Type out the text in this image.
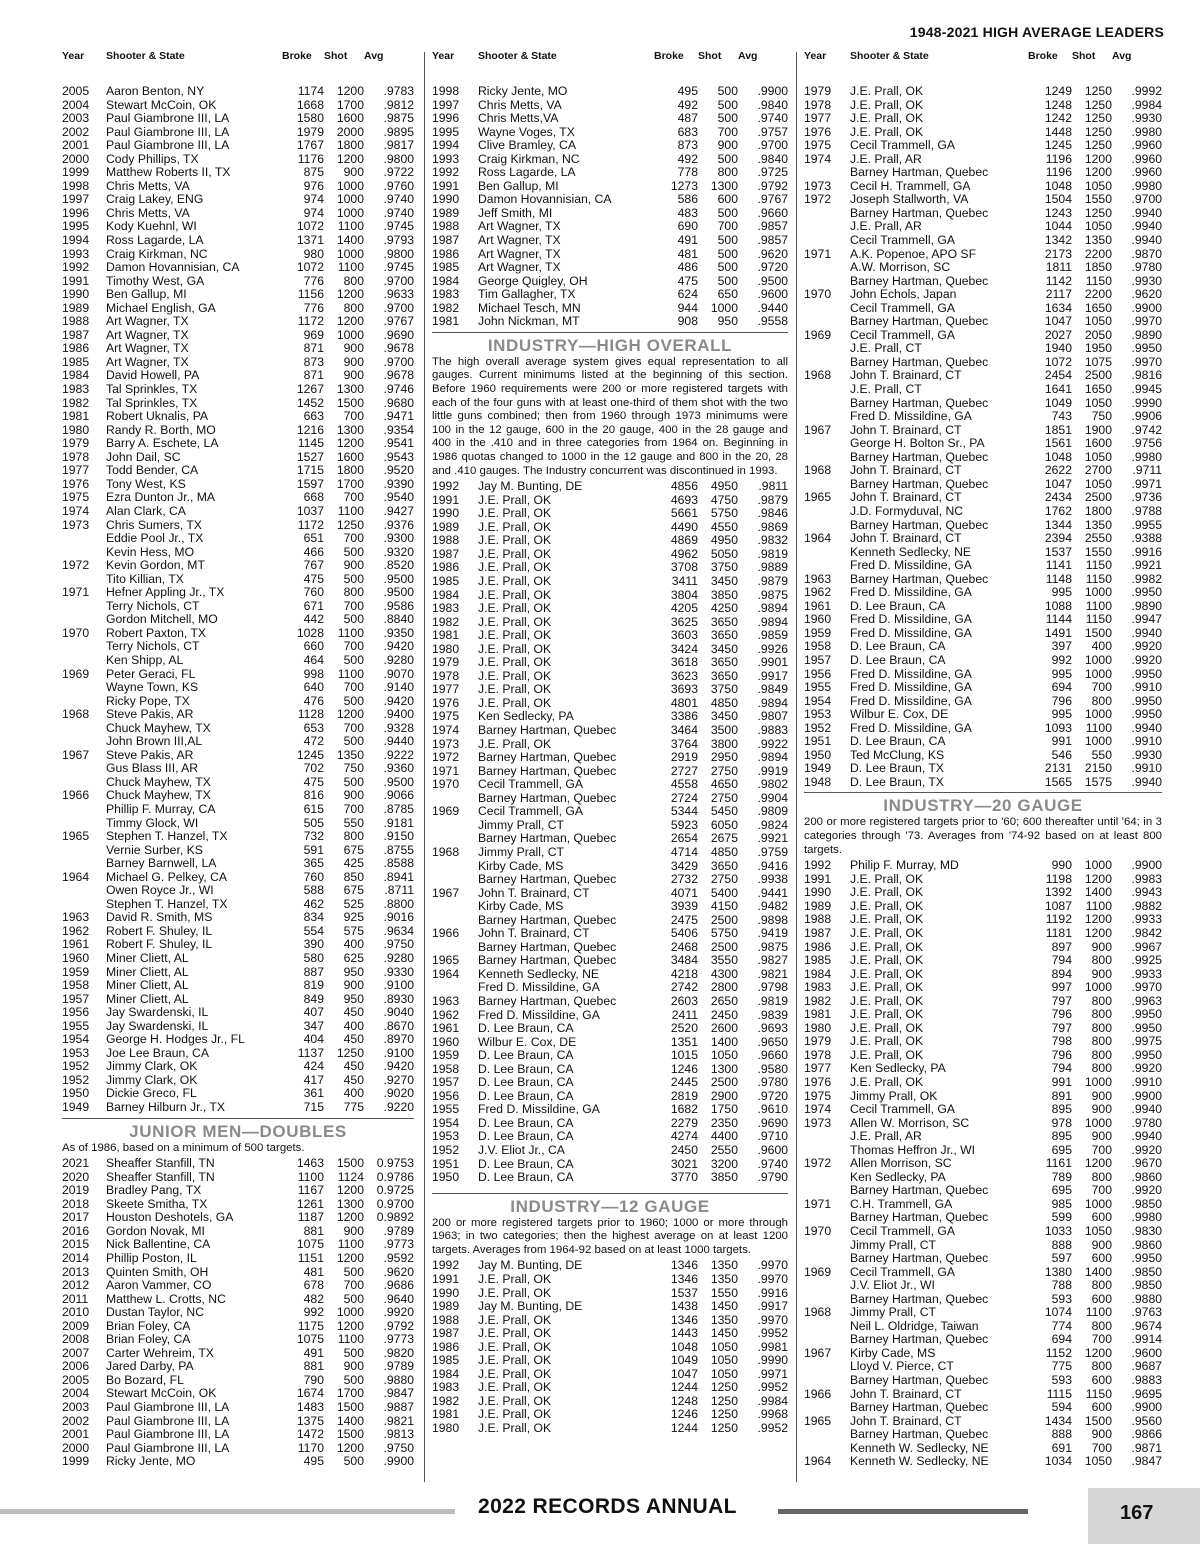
1948-2021 HIGH AVERAGE LEADERS
Year	Shooter & State	Broke	Shot	Avg
2005	Aaron Benton, NY	1174	1200	.9783
2004	Stewart McCoin, OK	1668	1700	.9812
2003	Paul Giambrone III, LA	1580	1600	.9875
2002	Paul Giambrone III, LA	1979	2000	.9895
2001	Paul Giambrone III, LA	1767	1800	.9817
2000	Cody Phillips, TX	1176	1200	.9800
1999	Matthew Roberts II, TX	875	900	.9722
1998	Chris Metts, VA	976	1000	.9760
1997	Craig Lakey, ENG	974	1000	.9740
1996	Chris Metts, VA	974	1000	.9740
1995	Kody Kuehnl, WI	1072	1100	.9745
1994	Ross Lagarde, LA	1371	1400	.9793
1993	Craig Kirkman, NC	980	1000	.9800
1992	Damon Hovannisian, CA	1072	1100	.9745
1991	Timothy West, GA	776	800	.9700
1990	Ben Gallup, MI	1156	1200	.9633
1989	Michael English, GA	776	800	.9700
1988	Art Wagner, TX	1172	1200	.9767
1987	Art Wagner, TX	969	1000	.9690
1986	Art Wagner, TX	871	900	.9678
1985	Art Wagner, TX	873	900	.9700
1984	David Howell, PA	871	900	.9678
1983	Tal Sprinkles, TX	1267	1300	.9746
1982	Tal Sprinkles, TX	1452	1500	.9680
1981	Robert Uknalis, PA	663	700	.9471
1980	Randy R. Borth, MO	1216	1300	.9354
1979	Barry A. Eschete, LA	1145	1200	.9541
1978	John Dail, SC	1527	1600	.9543
1977	Todd Bender, CA	1715	1800	.9520
1976	Tony West, KS	1597	1700	.9390
1975	Ezra Dunton Jr., MA	668	700	.9540
1974	Alan Clark, CA	1037	1100	.9427
1973	Chris Sumers, TX	1172	1250	.9376
	Eddie Pool Jr., TX	651	700	.9300
	Kevin Hess, MO	466	500	.9320
1972	Kevin Gordon, MT	767	900	.8520
	Tito Killian, TX	475	500	.9500
1971	Hefner Appling Jr., TX	760	800	.9500
	Terry Nichols, CT	671	700	.9586
	Gordon Mitchell, MO	442	500	.8840
1970	Robert Paxton, TX	1028	1100	.9350
	Terry Nichols, CT	660	700	.9420
	Ken Shipp, AL	464	500	.9280
1969	Peter Geraci, FL	998	1100	.9070
	Wayne Town, KS	640	700	.9140
	Ricky Pope, TX	476	500	.9420
1968	Steve Pakis, AR	1128	1200	.9400
	Chuck Mayhew, TX	653	700	.9328
	John Brown III,AL	472	500	.9440
1967	Steve Pakis, AR	1245	1350	.9222
	Gus Blass III, AR	702	750	.9360
	Chuck Mayhew, TX	475	500	.9500
1966	Chuck Mayhew, TX	816	900	.9066
	Phillip F. Murray, CA	615	700	.8785
	Timmy Glock, WI	505	550	.9181
1965	Stephen T. Hanzel, TX	732	800	.9150
	Vernie Surber, KS	591	675	.8755
	Barney Barnwell, LA	365	425	.8588
1964	Michael G. Pelkey, CA	760	850	.8941
	Owen Royce Jr., WI	588	675	.8711
	Stephen T. Hanzel, TX	462	525	.8800
1963	David R. Smith, MS	834	925	.9016
1962	Robert F. Shuley, IL	554	575	.9634
1961	Robert F. Shuley, IL	390	400	.9750
1960	Miner Cliett, AL	580	625	.9280
1959	Miner Cliett, AL	887	950	.9330
1958	Miner Cliett, AL	819	900	.9100
1957	Miner Cliett, AL	849	950	.8930
1956	Jay Swardenski, IL	407	450	.9040
1955	Jay Swardenski, IL	347	400	.8670
1954	George H. Hodges Jr., FL	404	450	.8970
1953	Joe Lee Braun, CA	1137	1250	.9100
1952	Jimmy Clark, OK	424	450	.9420
1952	Jimmy Clark, OK	417	450	.9270
1950	Dickie Greco, FL	361	400	.9020
1949	Barney Hilburn Jr., TX	715	775	.9220
JUNIOR MEN—DOUBLES
As of 1986, based on a minimum of 500 targets.
2021	Sheaffer Stanfill, TN	1463	1500	0.9753
2020	Sheaffer Stanfill, TN	1100	1124	0.9786
2019	Bradley Pang, TX	1167	1200	0.9725
2018	Skeete Smitha, TX	1261	1300	0.9700
2017	Houston Deshotels, GA	1187	1200	0.9892
2016	Gordon Novak, MI	881	900	.9789
2015	Nick Ballentine, CA	1075	1100	.9773
2014	Phillip Poston, IL	1151	1200	.9592
2013	Quinten Smith, OH	481	500	.9620
2012	Aaron Vammer, CO	678	700	.9686
2011	Matthew L. Crotts, NC	482	500	.9640
2010	Dustan Taylor, NC	992	1000	.9920
2009	Brian Foley, CA	1175	1200	.9792
2008	Brian Foley, CA	1075	1100	.9773
2007	Carter Wehreim, TX	491	500	.9820
2006	Jared Darby, PA	881	900	.9789
2005	Bo Bozard, FL	790	500	.9880
2004	Stewart McCoin, OK	1674	1700	.9847
2003	Paul Giambrone III, LA	1483	1500	.9887
2002	Paul Giambrone III, LA	1375	1400	.9821
2001	Paul Giambrone III, LA	1472	1500	.9813
2000	Paul Giambrone III, LA	1170	1200	.9750
1999	Ricky Jente, MO	495	500	.9900
Year	Shooter & State	Broke	Shot	Avg
1998	Ricky Jente, MO	495	500	.9900
1997	Chris Metts, VA	492	500	.9840
1996	Chris Metts,VA	487	500	.9740
1995	Wayne Voges, TX	683	700	.9757
1994	Clive Bramley, CA	873	900	.9700
1993	Craig Kirkman, NC	492	500	.9840
1992	Ross Lagarde, LA	778	800	.9725
1991	Ben Gallup, MI	1273	1300	.9792
1990	Damon Hovannisian, CA	586	600	.9767
1989	Jeff Smith, MI	483	500	.9660
1988	Art Wagner, TX	690	700	.9857
1987	Art Wagner, TX	491	500	.9857
1986	Art Wagner, TX	481	500	.9620
1985	Art Wagner, TX	486	500	.9720
1984	George Quigley, OH	475	500	.9500
1983	Tim Gallagher, TX	624	650	.9600
1982	Michael Tesch, MN	944	1000	.9440
1981	John Nickman, MT	908	950	.9558
INDUSTRY—HIGH OVERALL
The high overall average system gives equal representation to all gauges. Current minimums listed at the beginning of this section. Before 1960 requirements were 200 or more registered targets with each of the four guns with at least one-third of them shot with the two little guns combined; then from 1960 through 1973 minimums were 100 in the 12 gauge, 600 in the 20 gauge, 400 in the 28 gauge and 400 in the .410 and in three categories from 1964 on. Beginning in 1986 quotas changed to 1000 in the 12 gauge and 800 in the 20, 28 and .410 gauges. The Industry concurrent was discontinued in 1993.
1992	Jay M. Bunting, DE	4856	4950	.9811
1991	J.E. Prall, OK	4693	4750	.9879
1990	J.E. Prall, OK	5661	5750	.9846
1989	J.E. Prall, OK	4490	4550	.9869
1988	J.E. Prall, OK	4869	4950	.9832
1987	J.E. Prall, OK	4962	5050	.9819
1986	J.E. Prall, OK	3708	3750	.9889
1985	J.E. Prall, OK	3411	3450	.9879
1984	J.E. Prall, OK	3804	3850	.9875
1983	J.E. Prall, OK	4205	4250	.9894
1982	J.E. Prall, OK	3625	3650	.9894
1981	J.E. Prall, OK	3603	3650	.9859
1980	J.E. Prall, OK	3424	3450	.9926
1979	J.E. Prall, OK	3618	3650	.9901
1978	J.E. Prall, OK	3623	3650	.9917
1977	J.E. Prall, OK	3693	3750	.9849
1976	J.E. Prall, OK	4801	4850	.9894
1975	Ken Sedlecky, PA	3386	3450	.9807
1974	Barney Hartman, Quebec	3464	3500	.9883
1973	J.E. Prall, OK	3764	3800	.9922
1972	Barney Hartman, Quebec	2919	2950	.9894
1971	Barney Hartman, Quebec	2727	2750	.9919
1970	Cecil Trammell, GA	4558	4650	.9802
	Barney Hartman, Quebec	2724	2750	.9904
1969	Cecil Trammell, GA	5344	5450	.9809
	Jimmy Prall, CT	5923	6050	.9824
	Barney Hartman, Quebec	2654	2675	.9921
1968	Jimmy Prall, CT	4714	4850	.9759
	Kirby Cade, MS	3429	3650	.9416
	Barney Hartman, Quebec	2732	2750	.9938
1967	John T. Brainard, CT	4071	5400	.9441
	Kirby Cade, MS	3939	4150	.9482
	Barney Hartman, Quebec	2475	2500	.9898
1966	John T. Brainard, CT	5406	5750	.9419
	Barney Hartman, Quebec	2468	2500	.9875
1965	Barney Hartman, Quebec	3484	3550	.9827
1964	Kenneth Sedlecky, NE	4218	4300	.9821
	Fred D. Missildine, GA	2742	2800	.9798
1963	Barney Hartman, Quebec	2603	2650	.9819
1962	Fred D. Missildine, GA	2411	2450	.9839
1961	D. Lee Braun, CA	2520	2600	.9693
1960	Wilbur E. Cox, DE	1351	1400	.9650
1959	D. Lee Braun, CA	1015	1050	.9660
1958	D. Lee Braun, CA	1246	1300	.9580
1957	D. Lee Braun, CA	2445	2500	.9780
1956	D. Lee Braun, CA	2819	2900	.9720
1955	Fred D. Missildine, GA	1682	1750	.9610
1954	D. Lee Braun, CA	2279	2350	.9690
1953	D. Lee Braun, CA	4274	4400	.9710
1952	J.V. Eliot Jr., CA	2450	2550	.9600
1951	D. Lee Braun, CA	3021	3200	.9740
1950	D. Lee Braun, CA	3770	3850	.9790
INDUSTRY—12 GAUGE
200 or more registered targets prior to 1960; 1000 or more through 1963; in two categories; then the highest average on at least 1200 targets. Averages from 1964-92 based on at least 1000 targets.
1992	Jay M. Bunting, DE	1346	1350	.9970
1991	J.E. Prall, OK	1346	1350	.9970
1990	J.E. Prall, OK	1537	1550	.9916
1989	Jay M. Bunting, DE	1438	1450	.9917
1988	J.E. Prall, OK	1346	1350	.9970
1987	J.E. Prall, OK	1443	1450	.9952
1986	J.E. Prall, OK	1048	1050	.9981
1985	J.E. Prall, OK	1049	1050	.9990
1984	J.E. Prall, OK	1047	1050	.9971
1983	J.E. Prall, OK	1244	1250	.9952
1982	J.E. Prall, OK	1248	1250	.9984
1981	J.E. Prall, OK	1246	1250	.9968
1980	J.E. Prall, OK	1244	1250	.9952
Year	Shooter & State	Broke	Shot	Avg
1979	J.E. Prall, OK	1249	1250	.9992
1978	J.E. Prall, OK	1248	1250	.9984
1977	J.E. Prall, OK	1242	1250	.9930
1976	J.E. Prall, OK	1448	1250	.9980
1975	Cecil Trammell, GA	1245	1250	.9960
1974	J.E. Prall, AR	1196	1200	.9960
	Barney Hartman, Quebec	1196	1200	.9960
1973	Cecil H. Trammell, GA	1048	1050	.9980
1972	Joseph Stallworth, VA	1504	1550	.9700
	Barney Hartman, Quebec	1243	1250	.9940
	J.E. Prall, AR	1044	1050	.9940
	Cecil Trammell, GA	1342	1350	.9940
1971	A.K. Popenoe, APO SF	2173	2200	.9870
	A.W. Morrison, SC	1811	1850	.9780
	Barney Hartman, Quebec	1142	1150	.9930
1970	John Echols, Japan	2117	2200	.9620
	Cecil Trammell, GA	1634	1650	.9900
	Barney Hartman, Quebec	1047	1050	.9970
1969	Cecil Trammell, GA	2027	2050	.9890
	J.E. Prall, CT	1940	1950	.9950
	Barney Hartman, Quebec	1072	1075	.9970
1968	John T. Brainard, CT	2454	2500	.9816
	J.E. Prall, CT	1641	1650	.9945
	Barney Hartman, Quebec	1049	1050	.9990
	Fred D. Missildine, GA	743	750	.9906
1967	John T. Brainard, CT	1851	1900	.9742
	George H. Bolton Sr., PA	1561	1600	.9756
	Barney Hartman, Quebec	1048	1050	.9980
1968	John T. Brainard, CT	2622	2700	.9711
	Barney Hartman, Quebec	1047	1050	.9971
1965	John T. Brainard, CT	2434	2500	.9736
	J.D. Formyduval, NC	1762	1800	.9788
	Barney Hartman, Quebec	1344	1350	.9955
1964	John T. Brainard, CT	2394	2550	.9388
	Kenneth Sedlecky, NE	1537	1550	.9916
	Fred D. Missildine, GA	1141	1150	.9921
1963	Barney Hartman, Quebec	1148	1150	.9982
1962	Fred D. Missildine, GA	995	1000	.9950
1961	D. Lee Braun, CA	1088	1100	.9890
1960	Fred D. Missildine, GA	1144	1150	.9947
1959	Fred D. Missildine, GA	1491	1500	.9940
1958	D. Lee Braun, CA	397	400	.9920
1957	D. Lee Braun, CA	992	1000	.9920
1956	Fred D. Missildine, GA	995	1000	.9950
1955	Fred D. Missildine, GA	694	700	.9910
1954	Fred D. Missildine, GA	796	800	.9950
1953	Wilbur E. Cox, DE	995	1000	.9950
1952	Fred D. Missildine, GA	1093	1100	.9940
1951	D. Lee Braun, CA	991	1000	.9910
1950	Ted McClung, KS	546	550	.9930
1949	D. Lee Braun, TX	2131	2150	.9910
1948	D. Lee Braun, TX	1565	1575	.9940
INDUSTRY—20 GAUGE
200 or more registered targets prior to '60; 600 thereafter until '64; in 3 categories through '73. Averages from '74-92 based on at least 800 targets.
1992	Philip F. Murray, MD	990	1000	.9900
1991	J.E. Prall, OK	1198	1200	.9983
1990	J.E. Prall, OK	1392	1400	.9943
1989	J.E. Prall, OK	1087	1100	.9882
1988	J.E. Prall, OK	1192	1200	.9933
1987	J.E. Prall, OK	1181	1200	.9842
1986	J.E. Prall, OK	897	900	.9967
1985	J.E. Prall, OK	794	800	.9925
1984	J.E. Prall, OK	894	900	.9933
1983	J.E. Prall, OK	997	1000	.9970
1982	J.E. Prall, OK	797	800	.9963
1981	J.E. Prall, OK	796	800	.9950
1980	J.E. Prall, OK	797	800	.9950
1979	J.E. Prall, OK	798	800	.9975
1978	J.E. Prall, OK	796	800	.9950
1977	Ken Sedlecky, PA	794	800	.9920
1976	J.E. Prall, OK	991	1000	.9910
1975	Jimmy Prall, OK	891	900	.9900
1974	Cecil Trammell, GA	895	900	.9940
1973	Allen W. Morrison, SC	978	1000	.9780
	J.E. Prall, AR	895	900	.9940
	Thomas Heffron Jr., WI	695	700	.9920
1972	Allen Morrison, SC	1161	1200	.9670
	Ken Sedlecky, PA	789	800	.9860
	Barney Hartman, Quebec	695	700	.9920
1971	C.H. Trammell, GA	985	1000	.9850
	Barney Hartman, Quebec	599	600	.9980
1970	Cecil Trammell, GA	1033	1050	.9830
	Jimmy Prall, CT	888	900	.9860
	Barney Hartman, Quebec	597	600	.9950
1969	Cecil Trammell, GA	1380	1400	.9850
	J.V. Eliot Jr., WI	788	800	.9850
	Barney Hartman, Quebec	593	600	.9880
1968	Jimmy Prall, CT	1074	1100	.9763
	Neil L. Oldridge, Taiwan	774	800	.9674
	Barney Hartman, Quebec	694	700	.9914
1967	Kirby Cade, MS	1152	1200	.9600
	Lloyd V. Pierce, CT	775	800	.9687
	Barney Hartman, Quebec	593	600	.9883
1966	John T. Brainard, CT	1115	1150	.9695
	Barney Hartman, Quebec	594	600	.9900
1965	John T. Brainard, CT	1434	1500	.9560
	Barney Hartman, Quebec	888	900	.9866
	Kenneth W. Sedlecky, NE	691	700	.9871
1964	Kenneth W. Sedlecky, NE	1034	1050	.9847
2022 RECORDS ANNUAL	167
